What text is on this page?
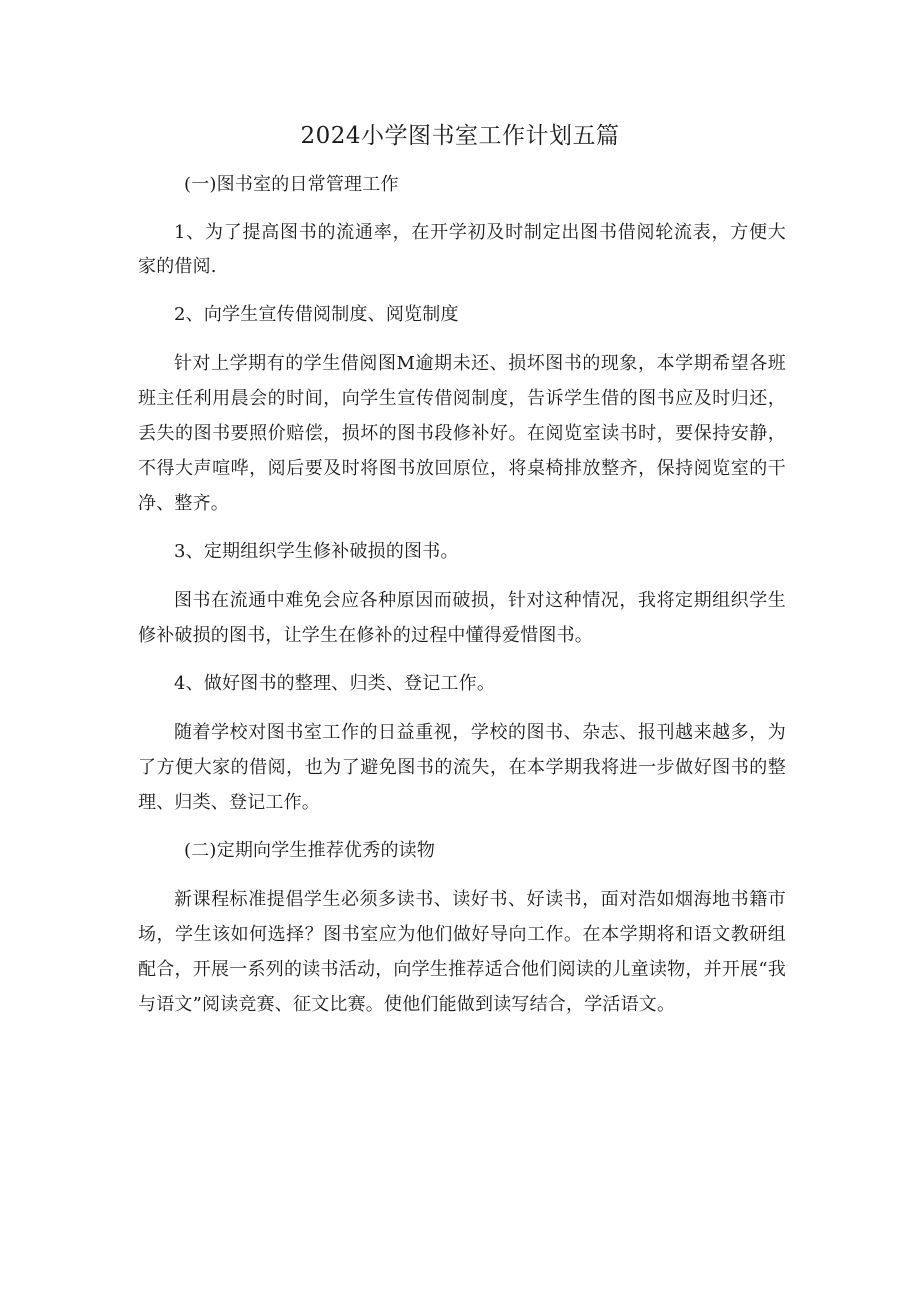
2024小学图书室工作计划五篇

(一)图书室的日常管理工作

1、为了提高图书的流通率，在开学初及时制定出图书借阅轮流表，方便大家的借阅.

2、向学生宣传借阅制度、阅览制度

针对上学期有的学生借阅图M逾期未还、损坏图书的现象，本学期希望各班班主任利用晨会的时间，向学生宣传借阅制度，告诉学生借的图书应及时归还，丢失的图书要照价赔偿，损坏的图书段修补好。在阅览室读书时，要保持安静，不得大声喧哗，阅后要及时将图书放回原位，将桌椅排放整齐，保持阅览室的干净、整齐。

3、定期组织学生修补破损的图书。

图书在流通中难免会应各种原因而破损，针对这种情况，我将定期组织学生修补破损的图书，让学生在修补的过程中懂得爱惜图书。

4、做好图书的整理、归类、登记工作。

随着学校对图书室工作的日益重视，学校的图书、杂志、报刊越来越多，为了方便大家的借阅，也为了避免图书的流失，在本学期我将进一步做好图书的整理、归类、登记工作。

(二)定期向学生推荐优秀的读物

新课程标准提倡学生必须多读书、读好书、好读书，面对浩如烟海地书籍市场，学生该如何选择？图书室应为他们做好导向工作。在本学期将和语文教研组配合，开展一系列的读书活动，向学生推荐适合他们阅读的儿童读物，并开展“我与语文”阅读竞赛、征文比赛。使他们能做到读写结合，学活语文。
